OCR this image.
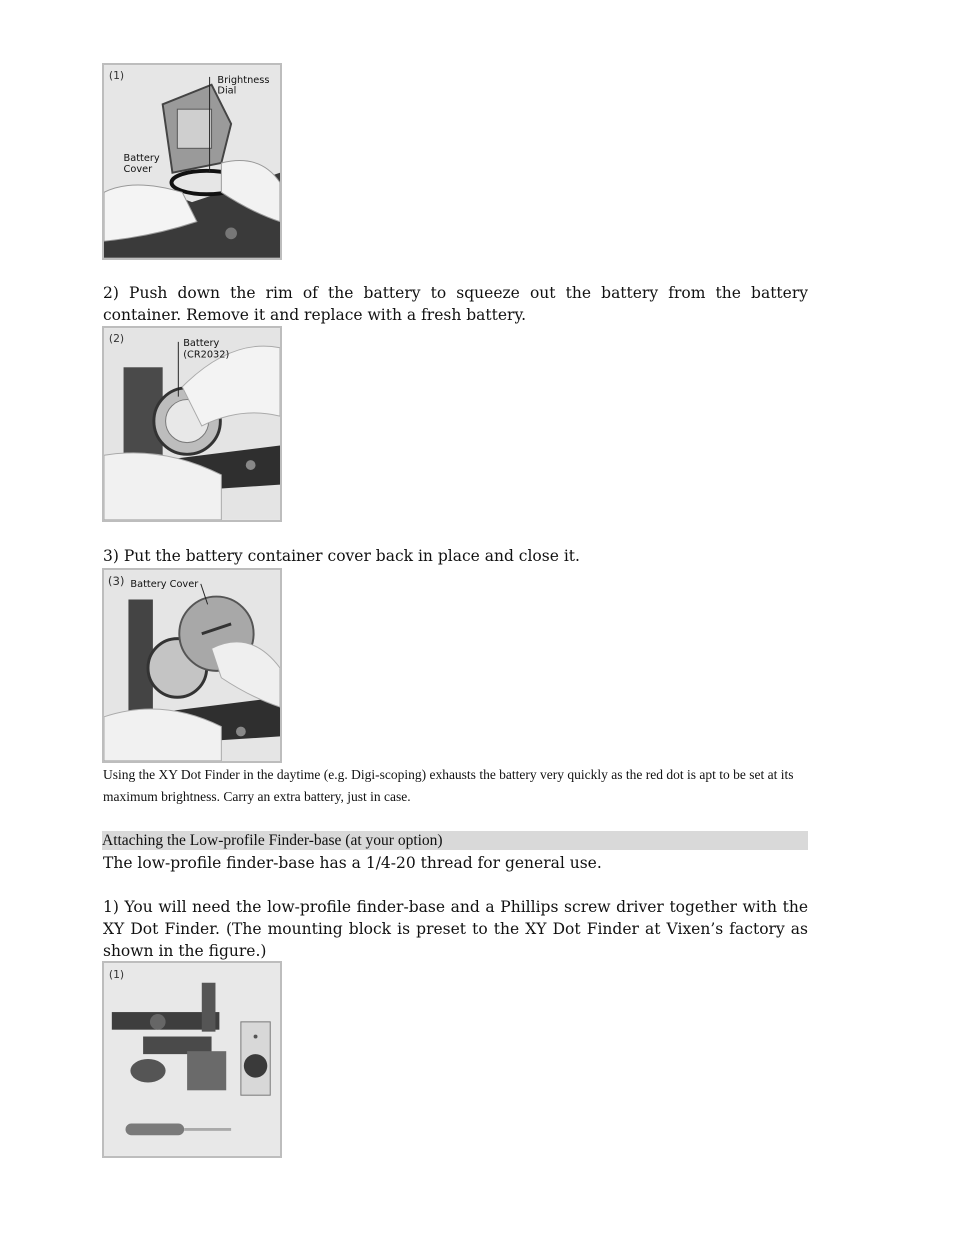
(1)	Brightness
Dial
Battery
Cover

2) Push down the rim of the battery to squeeze out the battery from the battery container. Remove it and replace with a fresh battery.

(2)	Battery
(CR2032)

3) Put the battery container cover back in place and close it.

(3) Battery Cover

Using the XY Dot Finder in the daytime (e.g. Digi-scoping) exhausts the battery very quickly as the red dot is apt to be set at its maximum brightness. Carry an extra battery, just in case.

Attaching the Low-profile Finder-base (at your option)

The low-profile finder-base has a 1/4-20 thread for general use.

1) You will need the low-profile finder-base and a Phillips screw driver together with the XY Dot Finder. (The mounting block is preset to the XY Dot Finder at Vixen’s factory as shown in the figure.)

(1)
